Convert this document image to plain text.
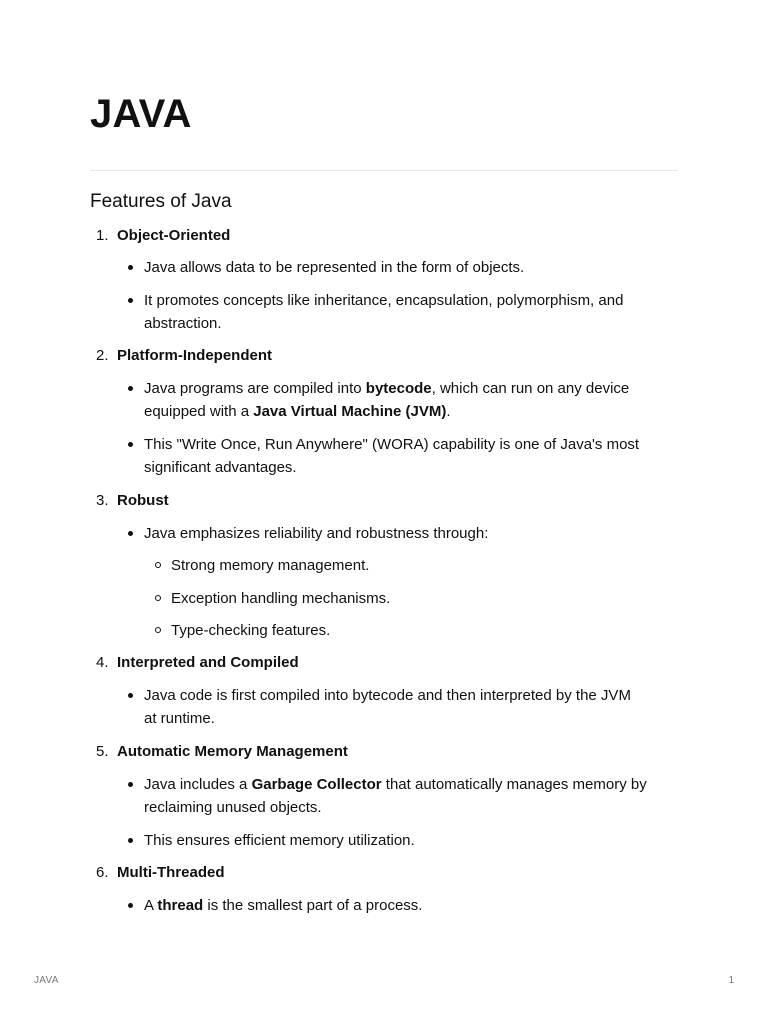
JAVA
Features of Java
1. Object-Oriented
Java allows data to be represented in the form of objects.
It promotes concepts like inheritance, encapsulation, polymorphism, and
abstraction.
2. Platform-Independent
Java programs are compiled into bytecode, which can run on any device
equipped with a Java Virtual Machine (JVM).
This "Write Once, Run Anywhere" (WORA) capability is one of Java's most
significant advantages.
3. Robust
Java emphasizes reliability and robustness through:
Strong memory management.
Exception handling mechanisms.
Type-checking features.
4. Interpreted and Compiled
Java code is first compiled into bytecode and then interpreted by the JVM
at runtime.
5. Automatic Memory Management
Java includes a Garbage Collector that automatically manages memory by
reclaiming unused objects.
This ensures efficient memory utilization.
6. Multi-Threaded
A thread is the smallest part of a process.
JAVA	1
